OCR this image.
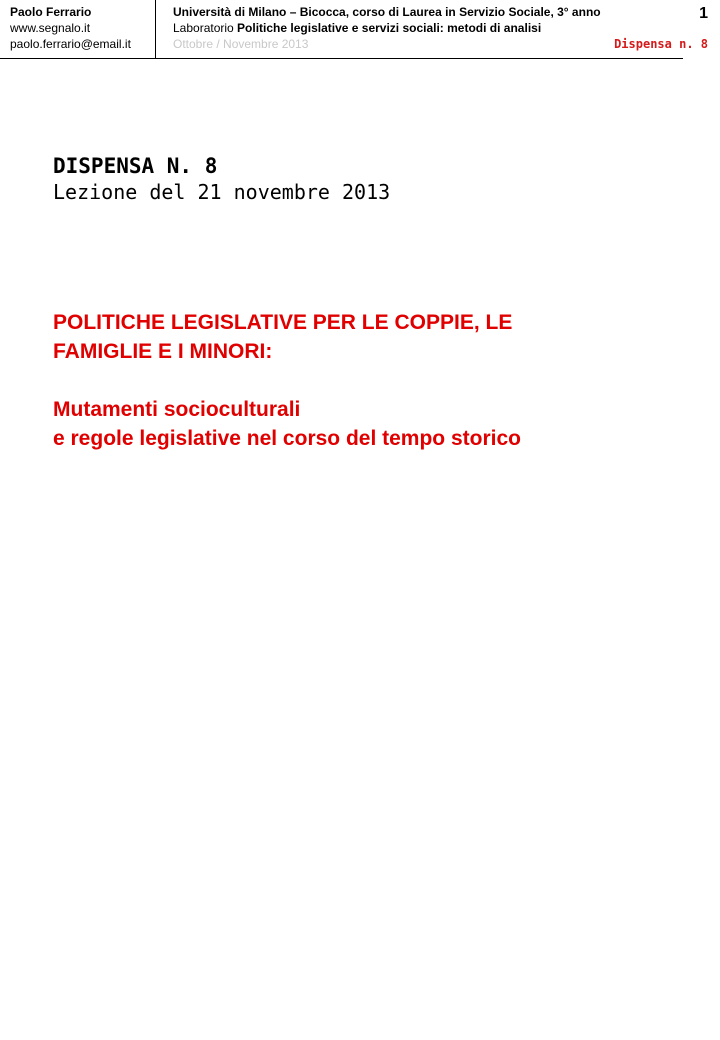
Paolo Ferrario
www.segnalo.it
paolo.ferrario@email.it
Università di Milano – Bicocca, corso di Laurea in Servizio Sociale, 3° anno
Laboratorio Politiche legislative e servizi sociali: metodi di analisi
Ottobre / Novembre 2013
1
Dispensa n. 8
DISPENSA N. 8
Lezione del 21 novembre 2013

POLITICHE LEGISLATIVE PER LE COPPIE, LE

FAMIGLIE E I MINORI:

Mutamenti socioculturali

e regole legislative nel corso del tempo storico
